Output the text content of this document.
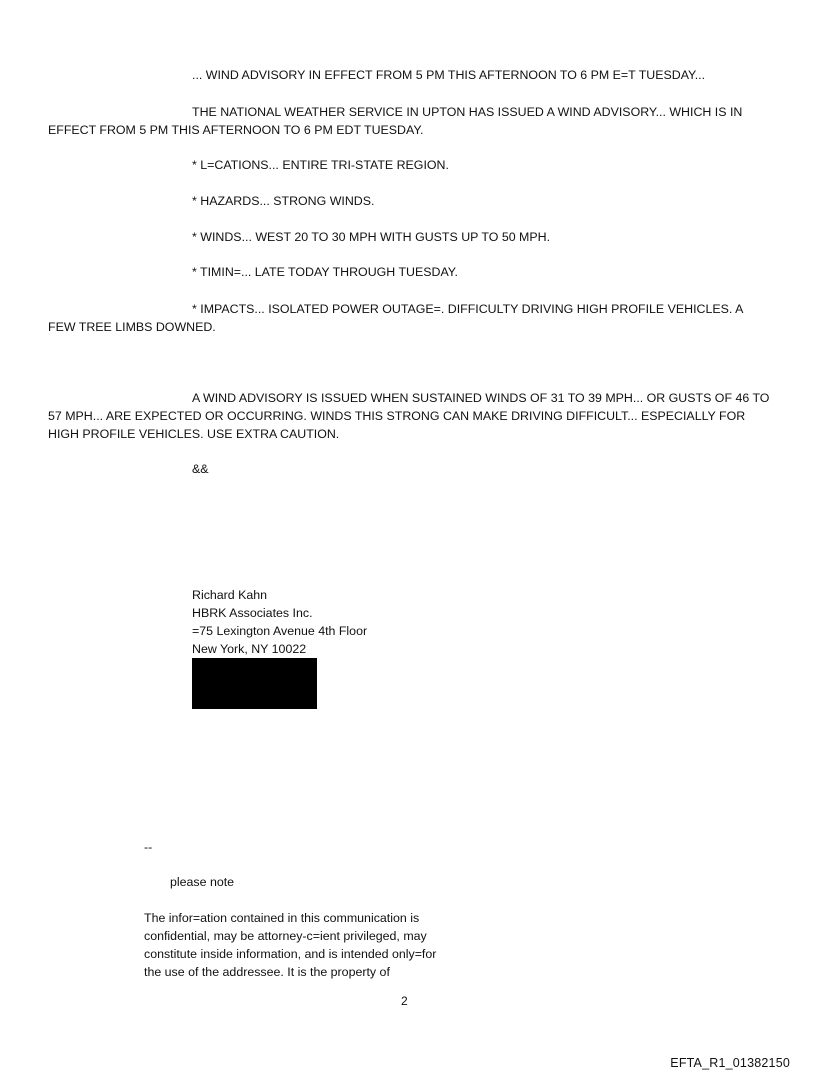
... WIND ADVISORY IN EFFECT FROM 5 PM THIS AFTERNOON TO 6 PM E=T TUESDAY...
THE NATIONAL WEATHER SERVICE IN UPTON HAS ISSUED A WIND ADVISORY... WHICH IS IN EFFECT FROM 5 PM THIS AFTERNOON TO 6 PM EDT TUESDAY.
* L=CATIONS... ENTIRE TRI-STATE REGION.
* HAZARDS... STRONG WINDS.
* WINDS... WEST 20 TO 30 MPH WITH GUSTS UP TO 50 MPH.
* TIMIN=... LATE TODAY THROUGH TUESDAY.
* IMPACTS... ISOLATED POWER OUTAGE=. DIFFICULTY DRIVING HIGH PROFILE VEHICLES. A FEW TREE LIMBS DOWNED.
A WIND ADVISORY IS ISSUED WHEN SUSTAINED WINDS OF 31 TO 39 MPH... OR GUSTS OF 46 TO 57 MPH... ARE EXPECTED OR OCCURRING. WINDS THIS STRONG CAN MAKE DRIVING DIFFICULT... ESPECIALLY FOR HIGH PROFILE VEHICLES. USE EXTRA CAUTION.
&&
Richard Kahn
HBRK Associates Inc.
=75 Lexington Avenue 4th Floor
New York, NY 10022
--
please note
The infor=ation contained in this communication is
confidential, may be attorney-c=ient privileged, may
constitute inside information, and is intended only=for
the use of the addressee. It is the property of
2
EFTA_R1_01382150
